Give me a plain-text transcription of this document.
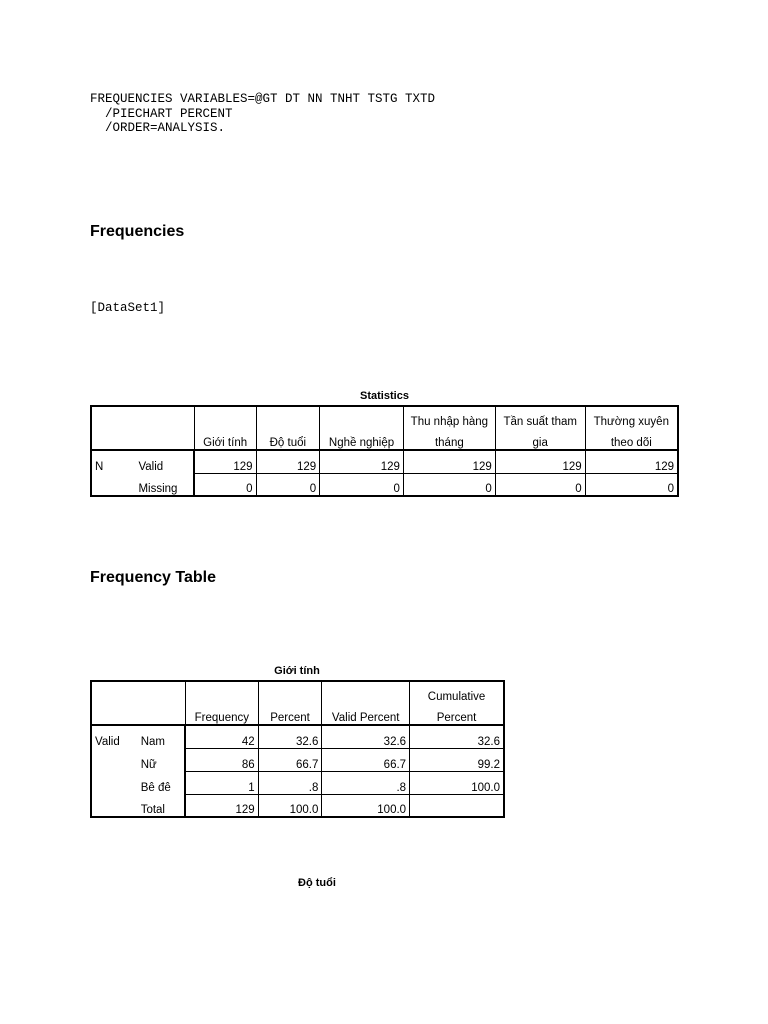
FREQUENCIES VARIABLES=@GT DT NN TNHT TSTG TXTD
/PIECHART PERCENT
/ORDER=ANALYSIS.
Frequencies
[DataSet1]
Statistics
					Thu nhập hàng	Tần suất tham	Thường xuyên
		Giới tính	Độ tuổi	Nghề nghiệp	tháng	gia	theo dõi
N	Valid	129	129	129	129	129	129
	Missing	0	0	0	0	0	0
Frequency Table
Giới tính
					Cumulative
		Frequency	Percent	Valid Percent	Percent
Valid	Nam	42	32.6	32.6	32.6
	Nữ	86	66.7	66.7	99.2
	Bê đê	1	.8	.8	100.0
	Total	129	100.0	100.0	
Độ tuổi
